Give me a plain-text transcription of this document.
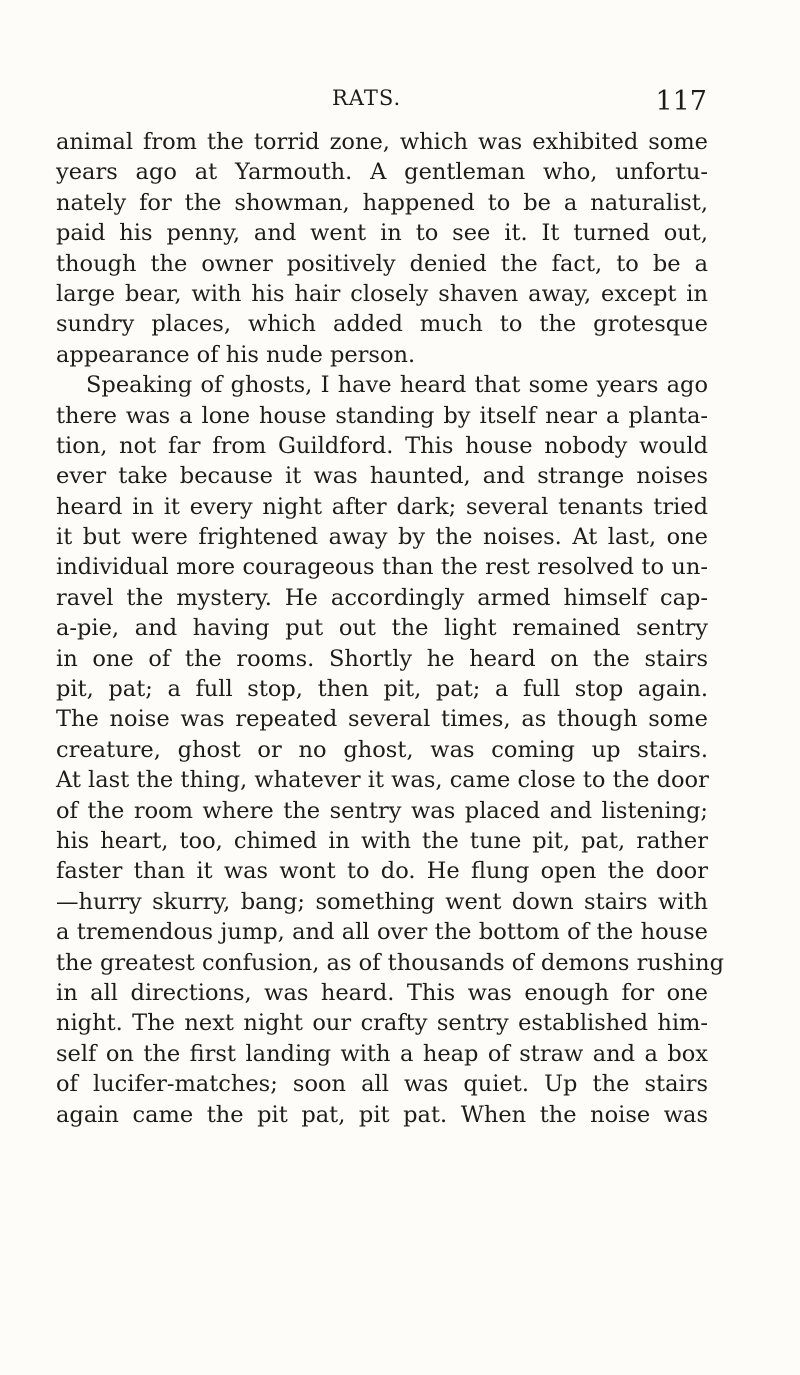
RATS.	117
animal from the torrid zone, which was exhibited some
years ago at Yarmouth. A gentleman who, unfortu-
nately for the showman, happened to be a naturalist,
paid his penny, and went in to see it. It turned out,
though the owner positively denied the fact, to be a
large bear, with his hair closely shaven away, except in
sundry places, which added much to the grotesque
appearance of his nude person.
Speaking of ghosts, I have heard that some years ago
there was a lone house standing by itself near a planta-
tion, not far from Guildford. This house nobody would
ever take because it was haunted, and strange noises
heard in it every night after dark; several tenants tried
it but were frightened away by the noises. At last, one
individual more courageous than the rest resolved to un-
ravel the mystery. He accordingly armed himself cap-
a-pie, and having put out the light remained sentry
in one of the rooms. Shortly he heard on the stairs
pit, pat; a full stop, then pit, pat; a full stop again.
The noise was repeated several times, as though some
creature, ghost or no ghost, was coming up stairs.
At last the thing, whatever it was, came close to the door
of the room where the sentry was placed and listening;
his heart, too, chimed in with the tune pit, pat, rather
faster than it was wont to do. He flung open the door
—hurry skurry, bang; something went down stairs with
a tremendous jump, and all over the bottom of the house
the greatest confusion, as of thousands of demons rushing
in all directions, was heard. This was enough for one
night. The next night our crafty sentry established him-
self on the first landing with a heap of straw and a box
of lucifer-matches; soon all was quiet. Up the stairs
again came the pit pat, pit pat. When the noise was
